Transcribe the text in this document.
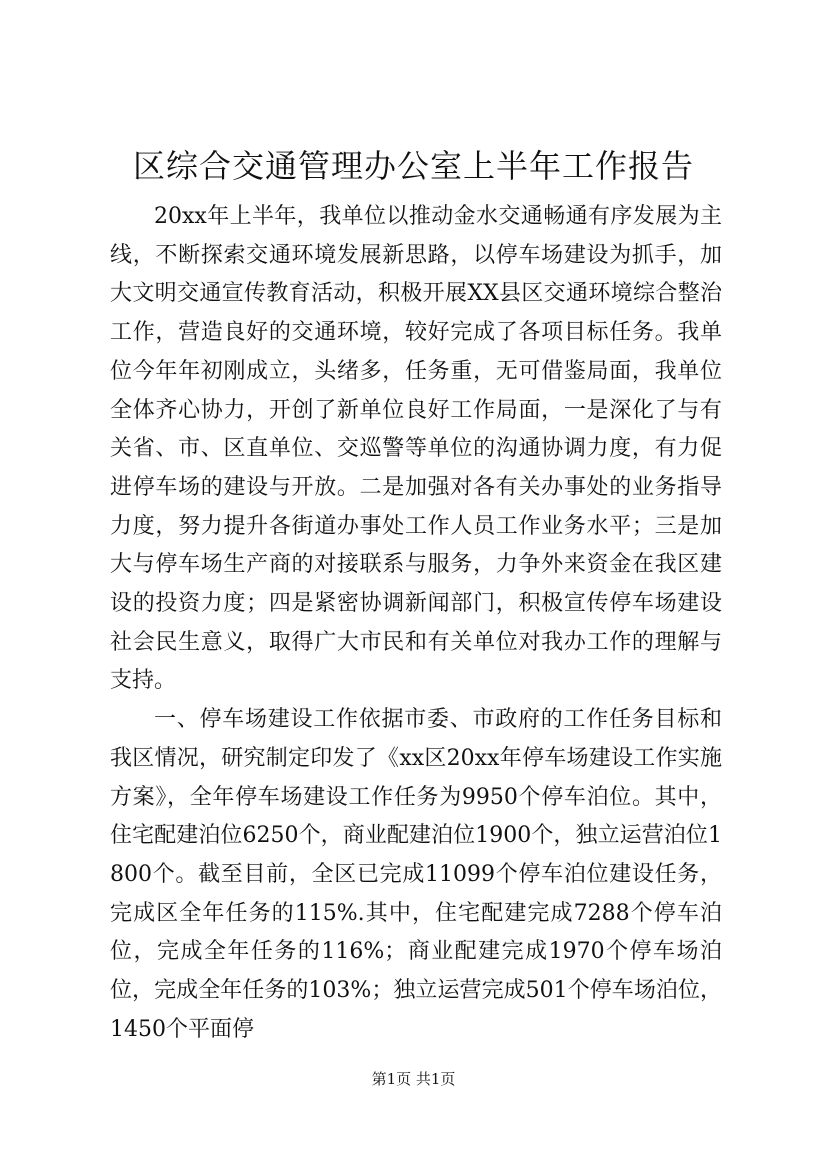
区综合交通管理办公室上半年工作报告

20xx年上半年，我单位以推动金水交通畅通有序发展为主线，不断探索交通环境发展新思路，以停车场建设为抓手，加大文明交通宣传教育活动，积极开展XX县区交通环境综合整治工作，营造良好的交通环境，较好完成了各项目标任务。我单位今年年初刚成立，头绪多，任务重，无可借鉴局面，我单位全体齐心协力，开创了新单位良好工作局面，一是深化了与有关省、市、区直单位、交巡警等单位的沟通协调力度，有力促进停车场的建设与开放。二是加强对各有关办事处的业务指导力度，努力提升各街道办事处工作人员工作业务水平；三是加大与停车场生产商的对接联系与服务，力争外来资金在我区建设的投资力度；四是紧密协调新闻部门，积极宣传停车场建设社会民生意义，取得广大市民和有关单位对我办工作的理解与支持。

一、停车场建设工作依据市委、市政府的工作任务目标和我区情况，研究制定印发了《xx区20xx年停车场建设工作实施方案》，全年停车场建设工作任务为9950个停车泊位。其中，住宅配建泊位6250个，商业配建泊位1900个，独立运营泊位1800个。截至目前，全区已完成11099个停车泊位建设任务，完成区全年任务的115%.其中，住宅配建完成7288个停车泊位，完成全年任务的116%；商业配建完成1970个停车场泊位，完成全年任务的103%；独立运营完成501个停车场泊位，1450个平面停

第1页 共1页
